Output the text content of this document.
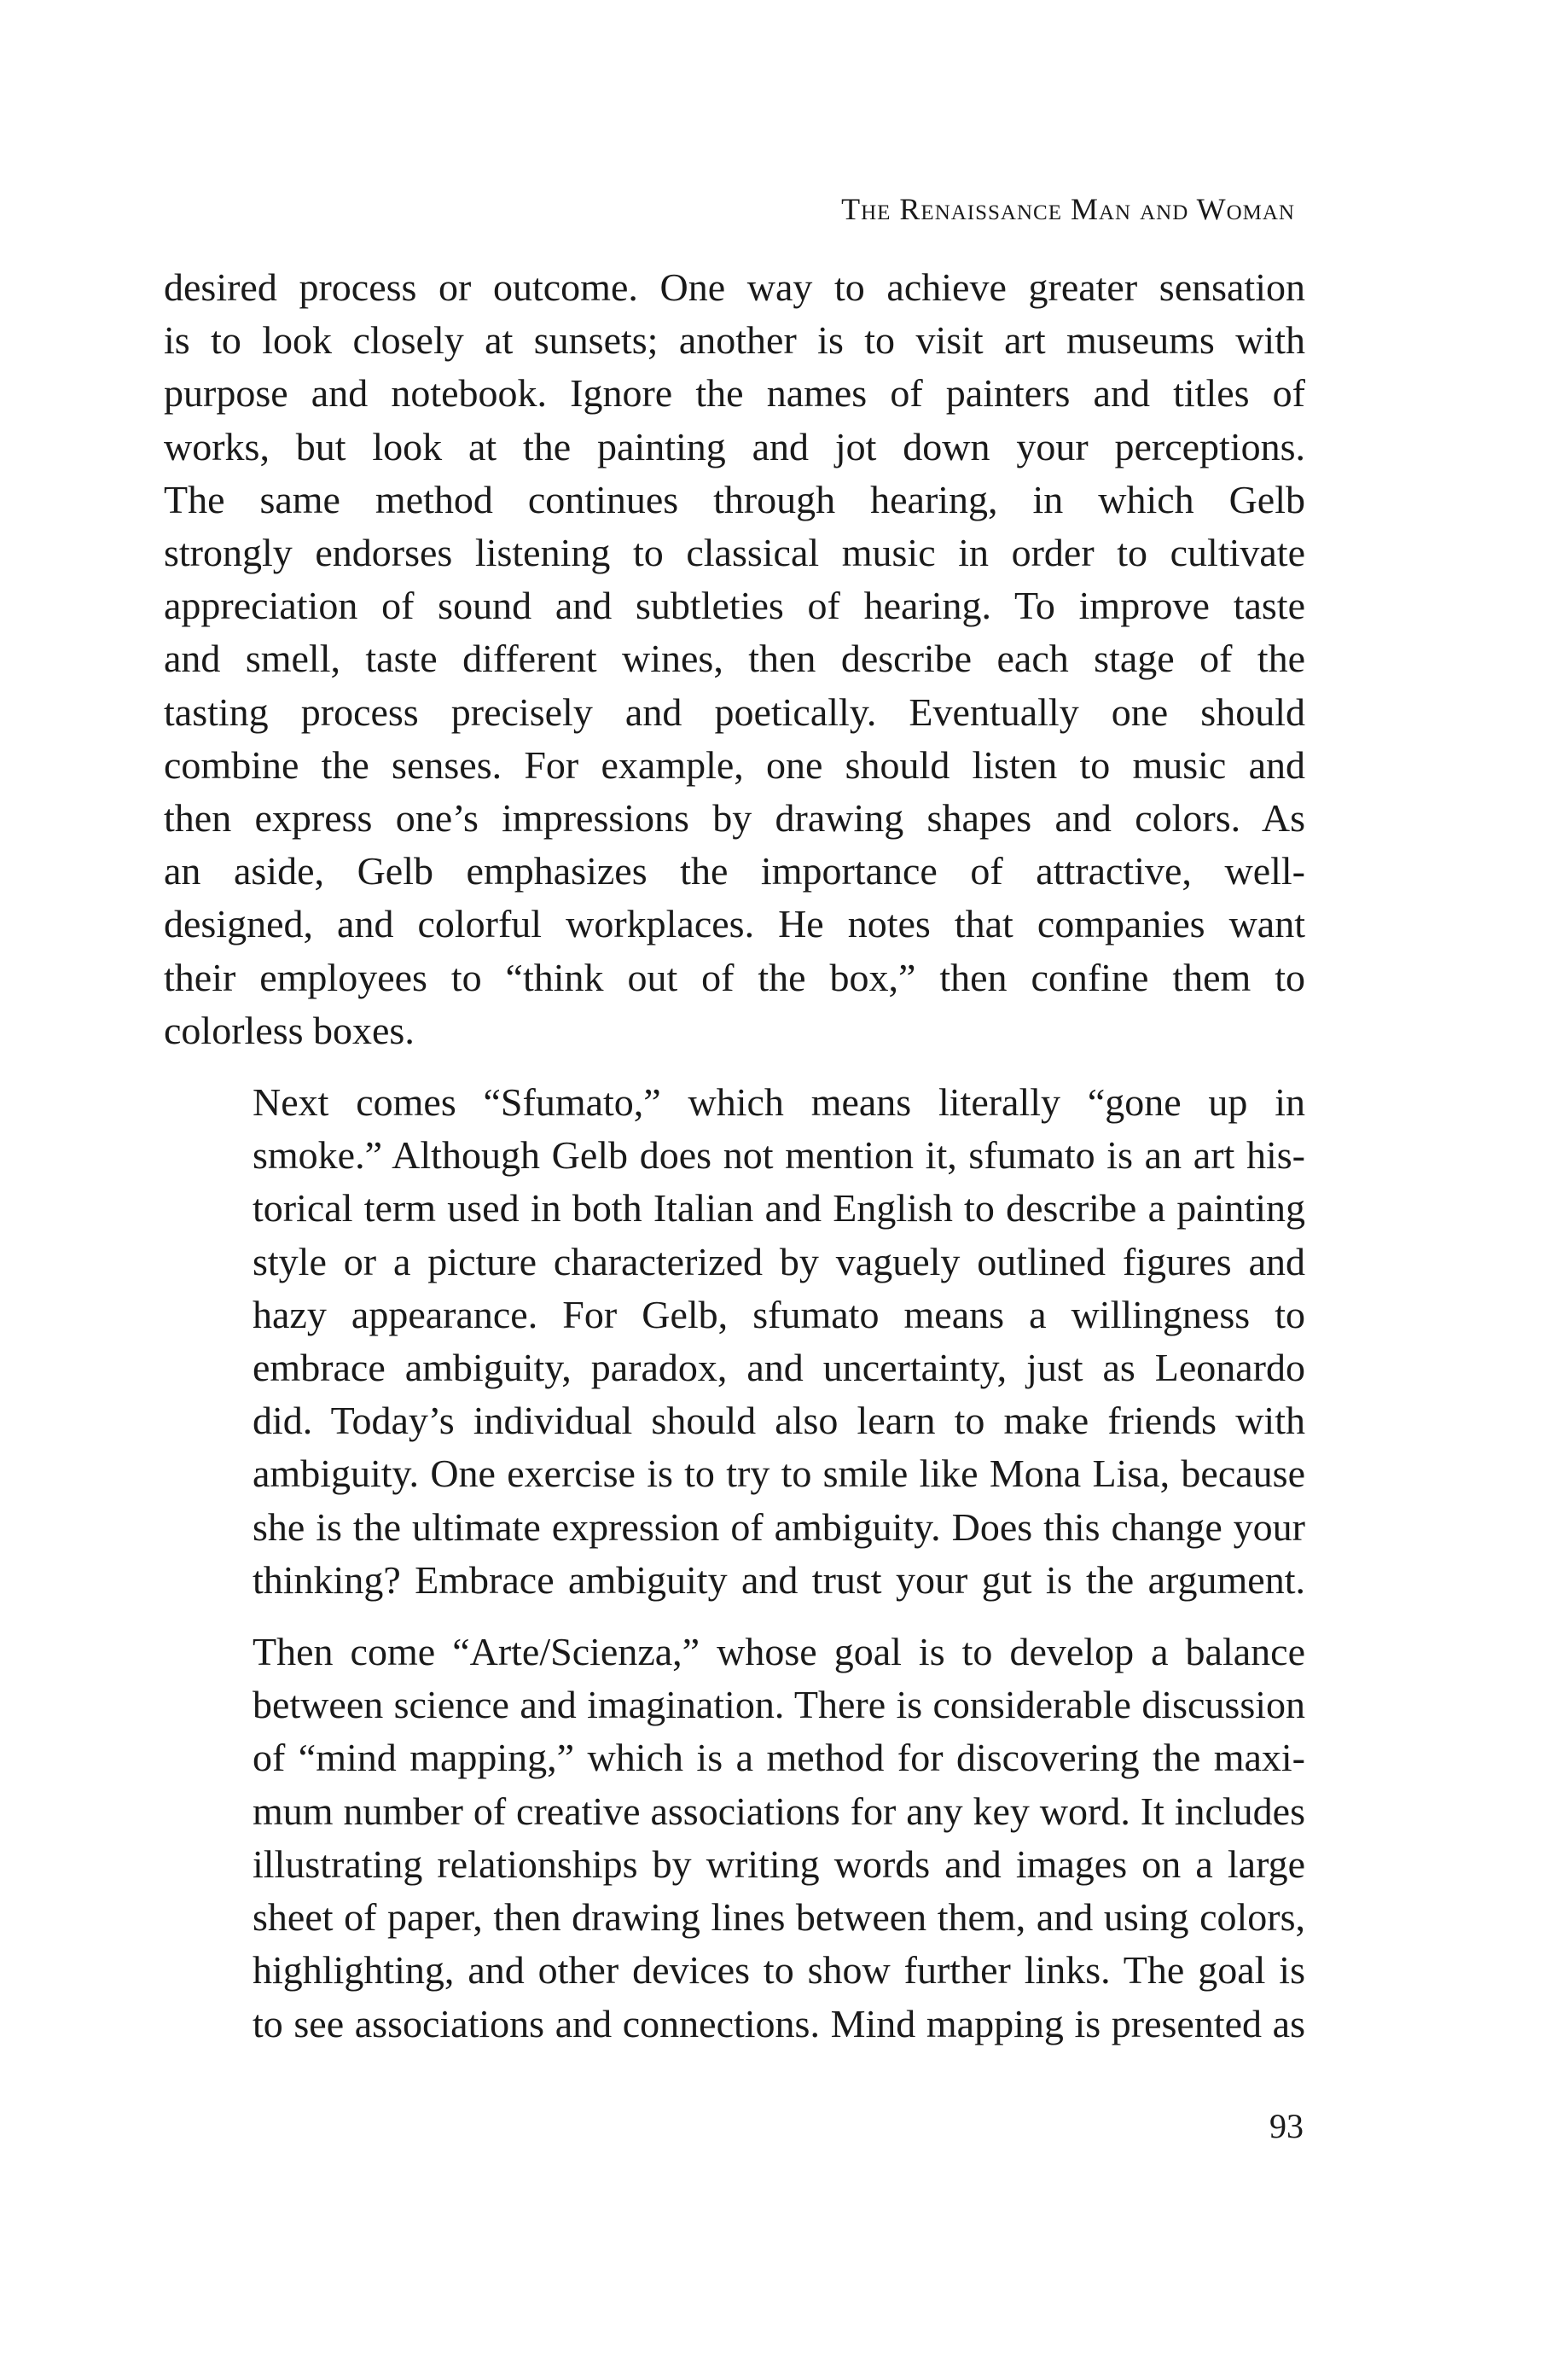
The Renaissance Man and Woman

desired process or outcome. One way to achieve greater sensation
is to look closely at sunsets; another is to visit art museums with
purpose and notebook. Ignore the names of painters and titles of
works, but look at the painting and jot down your perceptions.
The same method continues through hearing, in which Gelb
strongly endorses listening to classical music in order to cultivate
appreciation of sound and subtleties of hearing. To improve taste
and smell, taste different wines, then describe each stage of the
tasting process precisely and poetically. Eventually one should
combine the senses. For example, one should listen to music and
then express one’s impressions by drawing shapes and colors. As
an aside, Gelb emphasizes the importance of attractive, well-
designed, and colorful workplaces. He notes that companies want
their employees to “think out of the box,” then confine them to
colorless boxes.

Next comes “Sfumato,” which means literally “gone up in
smoke.” Although Gelb does not mention it, sfumato is an art his-
torical term used in both Italian and English to describe a painting
style or a picture characterized by vaguely outlined figures and
hazy appearance. For Gelb, sfumato means a willingness to
embrace ambiguity, paradox, and uncertainty, just as Leonardo
did. Today’s individual should also learn to make friends with
ambiguity. One exercise is to try to smile like Mona Lisa, because
she is the ultimate expression of ambiguity. Does this change your
thinking? Embrace ambiguity and trust your gut is the argument.

Then come “Arte/Scienza,” whose goal is to develop a balance
between science and imagination. There is considerable discussion
of “mind mapping,” which is a method for discovering the maxi-
mum number of creative associations for any key word. It includes
illustrating relationships by writing words and images on a large
sheet of paper, then drawing lines between them, and using colors,
highlighting, and other devices to show further links. The goal is
to see associations and connections. Mind mapping is presented as

93
